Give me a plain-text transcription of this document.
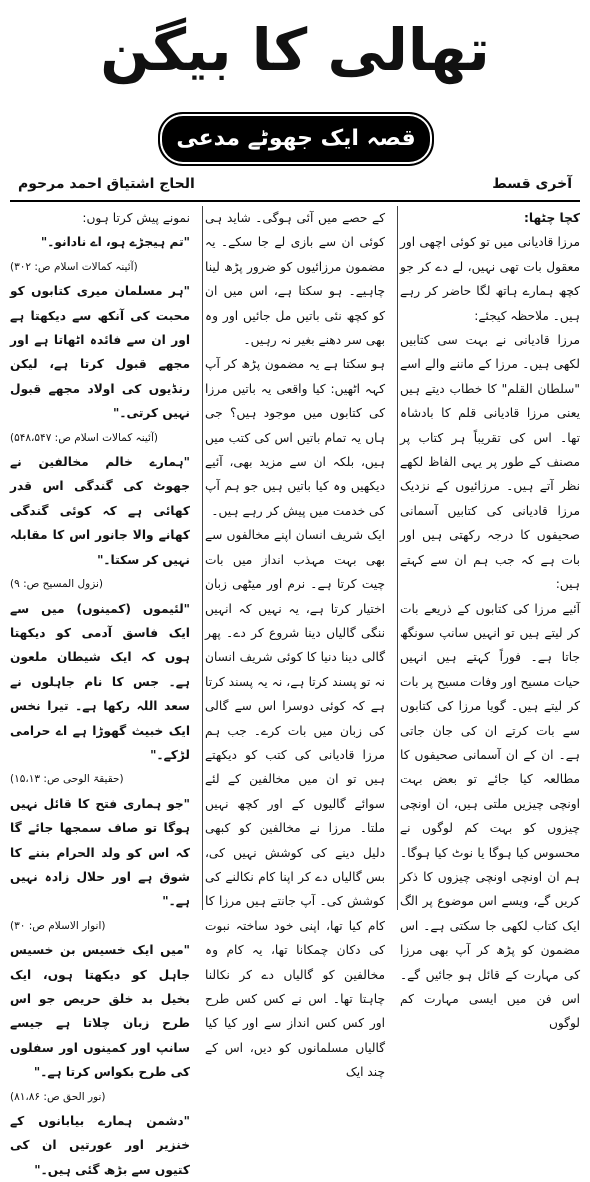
تھالی کا بیگن
قصہ ایک جھوٹے مدعی نبوت کا	آخری قسط
الحاج اشتیاق احمد مرحوم

کچا چٹھا:

مرزا قادیانی میں تو کوئی اچھی اور معقول بات تھی نہیں، لے دے کر جو کچھ ہمارے ہاتھ لگا حاضر کر رہے ہیں۔ ملاحظہ کیجئے:

مرزا قادیانی نے بہت سی کتابیں لکھی ہیں۔ مرزا کے ماننے والے اسے "سلطان القلم" کا خطاب دیتے ہیں یعنی مرزا قادیانی قلم کا بادشاہ تھا۔ اس کی تقریباً ہر کتاب پر مصنف کے طور پر یہی الفاظ لکھے نظر آتے ہیں۔ مرزائیوں کے نزدیک مرزا قادیانی کی کتابیں آسمانی صحیفوں کا درجہ رکھتی ہیں اور بات ہے کہ جب ہم ان سے کہتے ہیں:

آئیے مرزا کی کتابوں کے ذریعے بات کر لیتے ہیں تو انہیں سانپ سونگھ جاتا ہے۔ فوراً کہتے ہیں انہیں حیات مسیح اور وفات مسیح پر بات کر لیتے ہیں۔ گویا مرزا کی کتابوں سے بات کرتے ان کی جان جاتی ہے۔ ان کے ان آسمانی صحیفوں کا مطالعہ کیا جائے تو بعض بہت اونچی چیزیں ملتی ہیں، ان اونچی چیزوں کو بہت کم لوگوں نے محسوس کیا ہوگا یا نوٹ کیا ہوگا۔ ہم ان اونچی اونچی چیزوں کا ذکر کریں گے، ویسے اس موضوع پر الگ ایک کتاب لکھی جا سکتی ہے۔ اس مضمون کو پڑھ کر آپ بھی مرزا کی مہارت کے قائل ہو جائیں گے۔ اس فن میں ایسی مہارت کم لوگوں

کے حصے میں آئی ہوگی۔ شاید ہی کوئی ان سے بازی لے جا سکے۔ یہ مضمون مرزائیوں کو ضرور پڑھ لینا چاہیے۔ ہو سکتا ہے، اس میں ان کو کچھ نئی باتیں مل جائیں اور وہ بھی سر دھنے بغیر نہ رہیں۔

ہو سکتا ہے یہ مضمون پڑھ کر آپ کہہ اٹھیں: کیا واقعی یہ باتیں مرزا کی کتابوں میں موجود ہیں؟ جی ہاں یہ تمام باتیں اس کی کتب میں ہیں، بلکہ ان سے مزید بھی، آئیے دیکھیں وہ کیا باتیں ہیں جو ہم آپ کی خدمت میں پیش کر رہے ہیں۔

ایک شریف انسان اپنے مخالفوں سے بھی بہت مہذب انداز میں بات چیت کرتا ہے۔ نرم اور میٹھی زبان اختیار کرتا ہے، یہ نہیں کہ انہیں ننگی گالیاں دینا شروع کر دے۔ پھر گالی دینا دنیا کا کوئی شریف انسان نہ تو پسند کرتا ہے، نہ یہ پسند کرتا ہے کہ کوئی دوسرا اس سے گالی کی زبان میں بات کرے۔ جب ہم مرزا قادیانی کی کتب کو دیکھتے ہیں تو ان میں مخالفین کے لئے سوائے گالیوں کے اور کچھ نہیں ملتا۔ مرزا نے مخالفین کو کبھی دلیل دینے کی کوشش نہیں کی، بس گالیاں دے کر اپنا کام نکالنے کی کوشش کی۔ آپ جانتے ہیں مرزا کا کام کیا تھا، اپنی خود ساختہ نبوت کی دکان چمکانا تھا، یہ کام وہ مخالفین کو گالیاں دے کر نکالنا چاہتا تھا۔ اس نے کس کس طرح اور کس کس انداز سے اور کیا کیا گالیاں مسلمانوں کو دیں، اس کے چند ایک

نمونے پیش کرتا ہوں:

"تم ہیجڑے ہو، اے نادانو۔"

(آئینہ کمالات اسلام ص: ۳۰۲)

"ہر مسلمان میری کتابوں کو محبت کی آنکھ سے دیکھتا ہے اور ان سے فائدہ اٹھاتا ہے اور مجھے قبول کرتا ہے، لیکن رنڈیوں کی اولاد مجھے قبول نہیں کرتی۔"

(آئینہ کمالات اسلام ص: ۵۴۸،۵۴۷)

"ہمارے خالم مخالفین نے جھوٹ کی گندگی اس قدر کھائی ہے کہ کوئی گندگی کھانے والا جانور اس کا مقابلہ نہیں کر سکتا۔"

(نزول المسیح ص: ۹)

"لئیموں (کمینوں) میں سے ایک فاسق آدمی کو دیکھتا ہوں کہ ایک شیطان ملعون ہے۔ جس کا نام جاہلوں نے سعد اللہ رکھا ہے۔ تیرا نخس ایک خبیث گھوڑا ہے اے حرامی لڑکے۔"

(حقیقۃ الوحی ص: ۱۵،۱۳)

"جو ہماری فتح کا قائل نہیں ہوگا تو صاف سمجھا جائے گا کہ اس کو ولد الحرام بننے کا شوق ہے اور حلال زادہ نہیں ہے۔"

(انوار الاسلام ص: ۳۰)

"میں ایک خسیس بن خسیس جاہل کو دیکھتا ہوں، ایک بخیل بد خلق حریص جو اس طرح زبان چلاتا ہے جیسے سانپ اور کمینوں اور سفلوں کی طرح بکواس کرتا ہے۔"

(نور الحق ص: ۸۱،۸۶)

"دشمن ہمارے بیابانوں کے خنزیر اور عورتیں ان کی کتیوں سے بڑھ گئی ہیں۔"
